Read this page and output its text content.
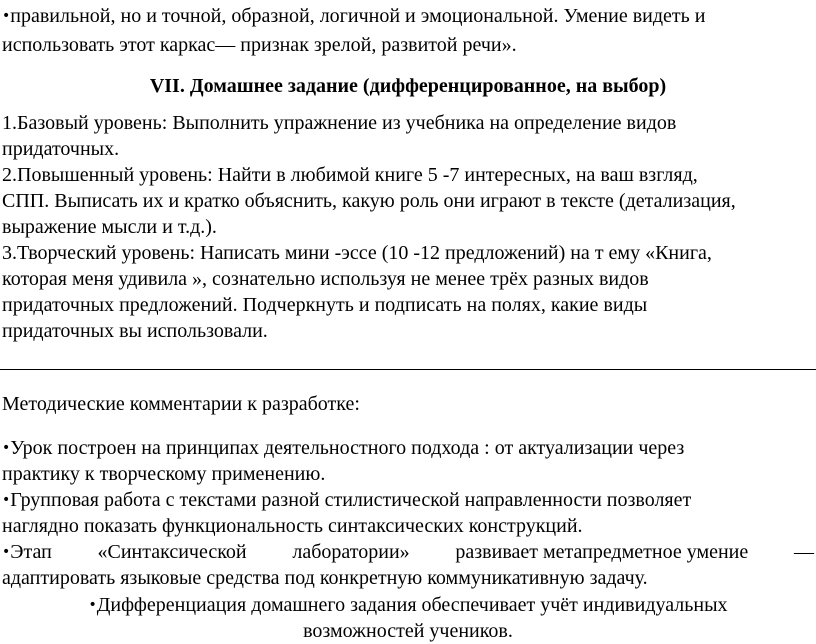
•правильной, но и точной, образной, логичной и эмоциональной. Умение видеть и
использовать этот каркас— признак зрелой, развитой речи».
VII. Домашнее задание (дифференцированное, на выбор)
1.Базовый уровень: Выполнить упражнение из учебника на определение видов
придаточных.
2.Повышенный уровень: Найти в любимой книге 5 -7 интересных, на ваш взгляд,
СПП. Выписать их и кратко объяснить, какую роль они играют в тексте (детализация,
выражение мысли и т.д.).
3.Творческий уровень: Написать мини -эссе (10 -12 предложений) на т ему «Книга,
которая меня удивила », сознательно используя не менее трёх разных видов
придаточных предложений. Подчеркнуть и подписать на полях, какие виды
придаточных вы использовали.
Методические комментарии к разработке:
•Урок построен на принципах деятельностного подхода : от актуализации через
практику к творческому применению.
•Групповая работа с текстами разной стилистической направленности позволяет
наглядно показать функциональность синтаксических конструкций.
•Этап «Синтаксической лаборатории» развивает метапредметное умение —
адаптировать языковые средства под конкретную коммуникативную задачу.
•Дифференциация домашнего задания обеспечивает учёт индивидуальных
возможностей учеников.
